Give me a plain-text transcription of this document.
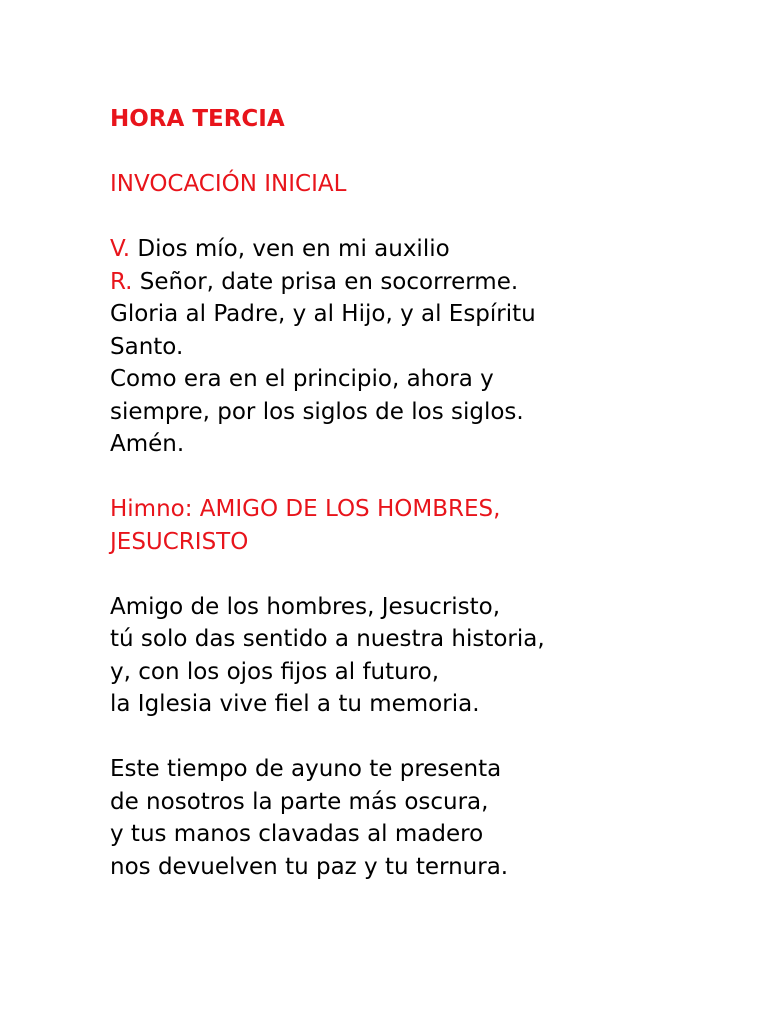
HORA TERCIA
INVOCACIÓN INICIAL
V. Dios mío, ven en mi auxilio
R. Señor, date prisa en socorrerme.
Gloria al Padre, y al Hijo, y al Espíritu
Santo.
Como era en el principio, ahora y
siempre, por los siglos de los siglos.
Amén.
Himno: AMIGO DE LOS HOMBRES,
JESUCRISTO
Amigo de los hombres, Jesucristo,
tú solo das sentido a nuestra historia,
y, con los ojos fijos al futuro,
la Iglesia vive fiel a tu memoria.
Este tiempo de ayuno te presenta
de nosotros la parte más oscura,
y tus manos clavadas al madero
nos devuelven tu paz y tu ternura.
